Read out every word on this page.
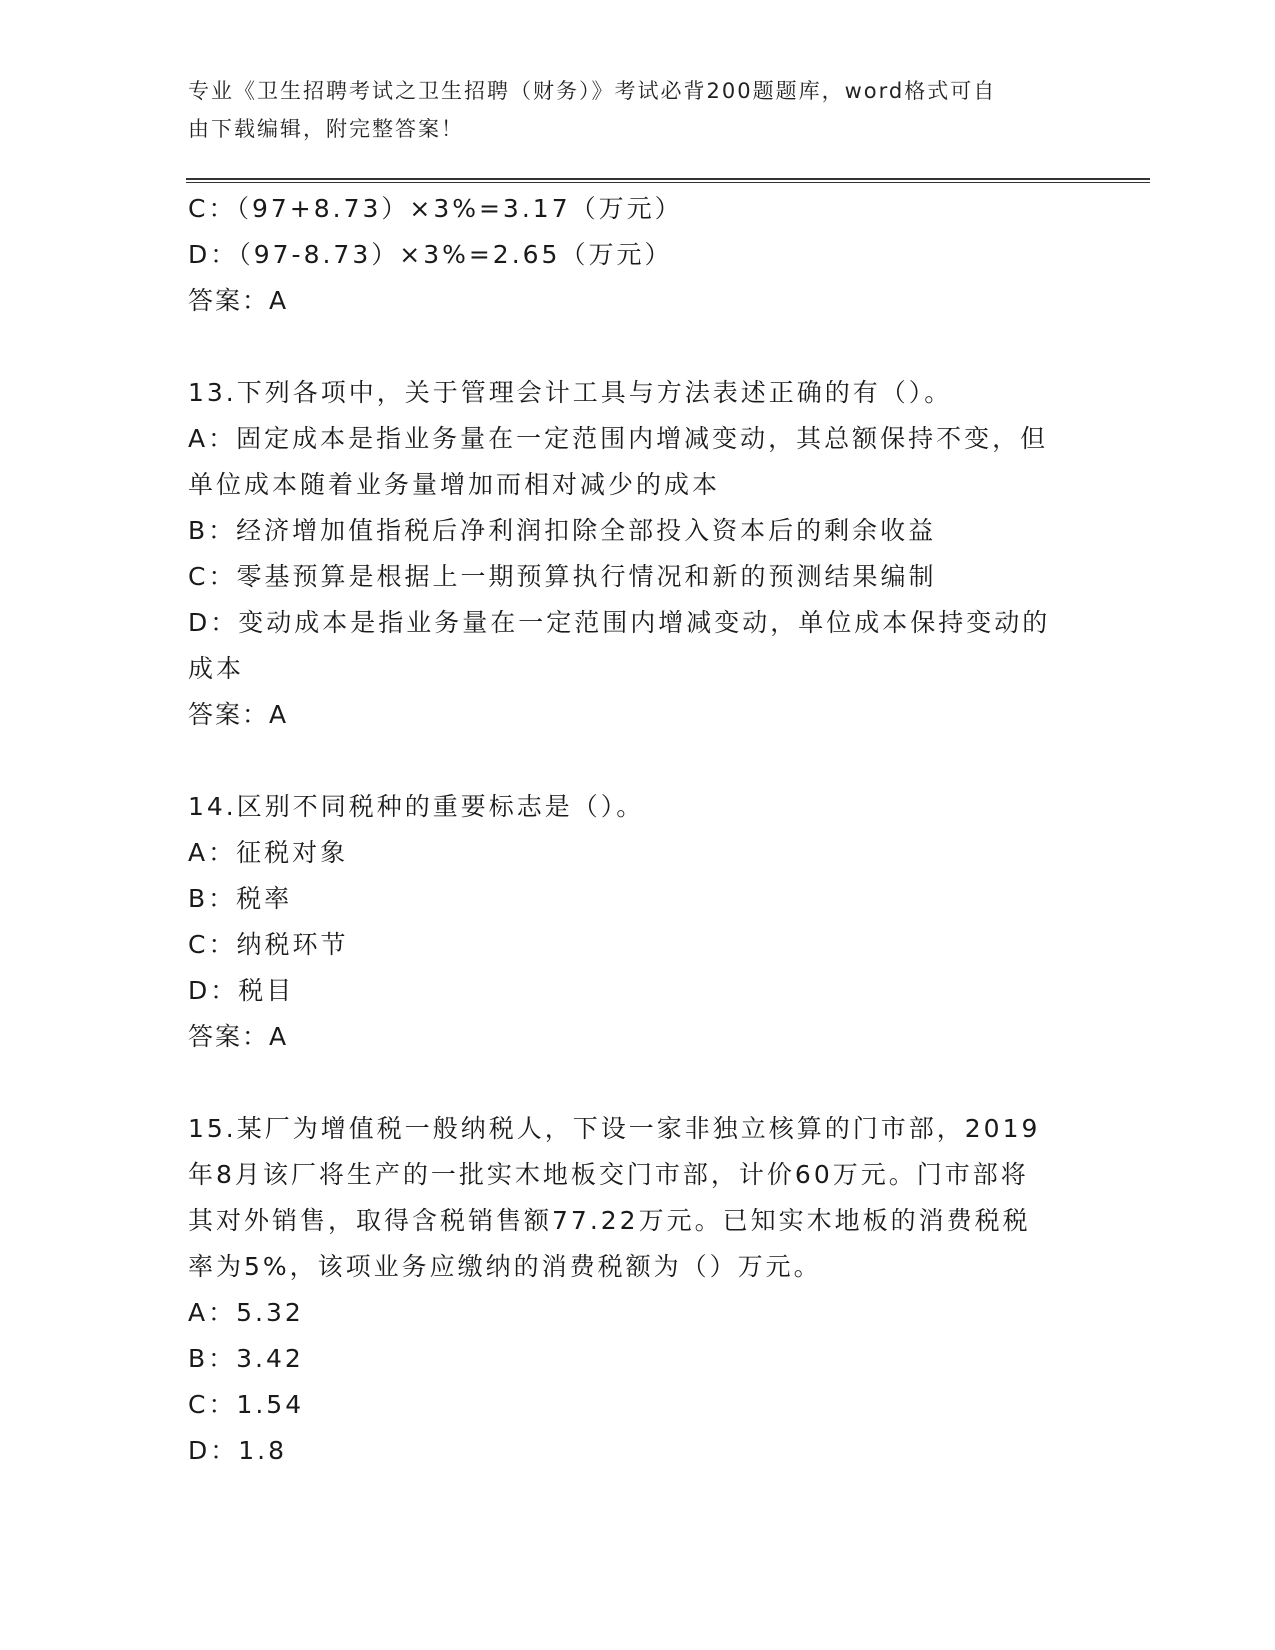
专业《卫生招聘考试之卫生招聘（财务）》考试必背200题题库，word格式可自
由下载编辑，附完整答案！
C：（97+8.73）×3%=3.17（万元）
D：（97-8.73）×3%=2.65（万元）
答案：A
13.下列各项中，关于管理会计工具与方法表述正确的有（）。
A：固定成本是指业务量在一定范围内增减变动，其总额保持不变，但
单位成本随着业务量增加而相对减少的成本
B：经济增加值指税后净利润扣除全部投入资本后的剩余收益
C：零基预算是根据上一期预算执行情况和新的预测结果编制
D：变动成本是指业务量在一定范围内增减变动，单位成本保持变动的
成本
答案：A
14.区别不同税种的重要标志是（）。
A：征税对象
B：税率
C：纳税环节
D：税目
答案：A
15.某厂为增值税一般纳税人，下设一家非独立核算的门市部，2019
年8月该厂将生产的一批实木地板交门市部，计价60万元。门市部将
其对外销售，取得含税销售额77.22万元。已知实木地板的消费税税
率为5%，该项业务应缴纳的消费税额为（）万元。
A：5.32
B：3.42
C：1.54
D：1.8
